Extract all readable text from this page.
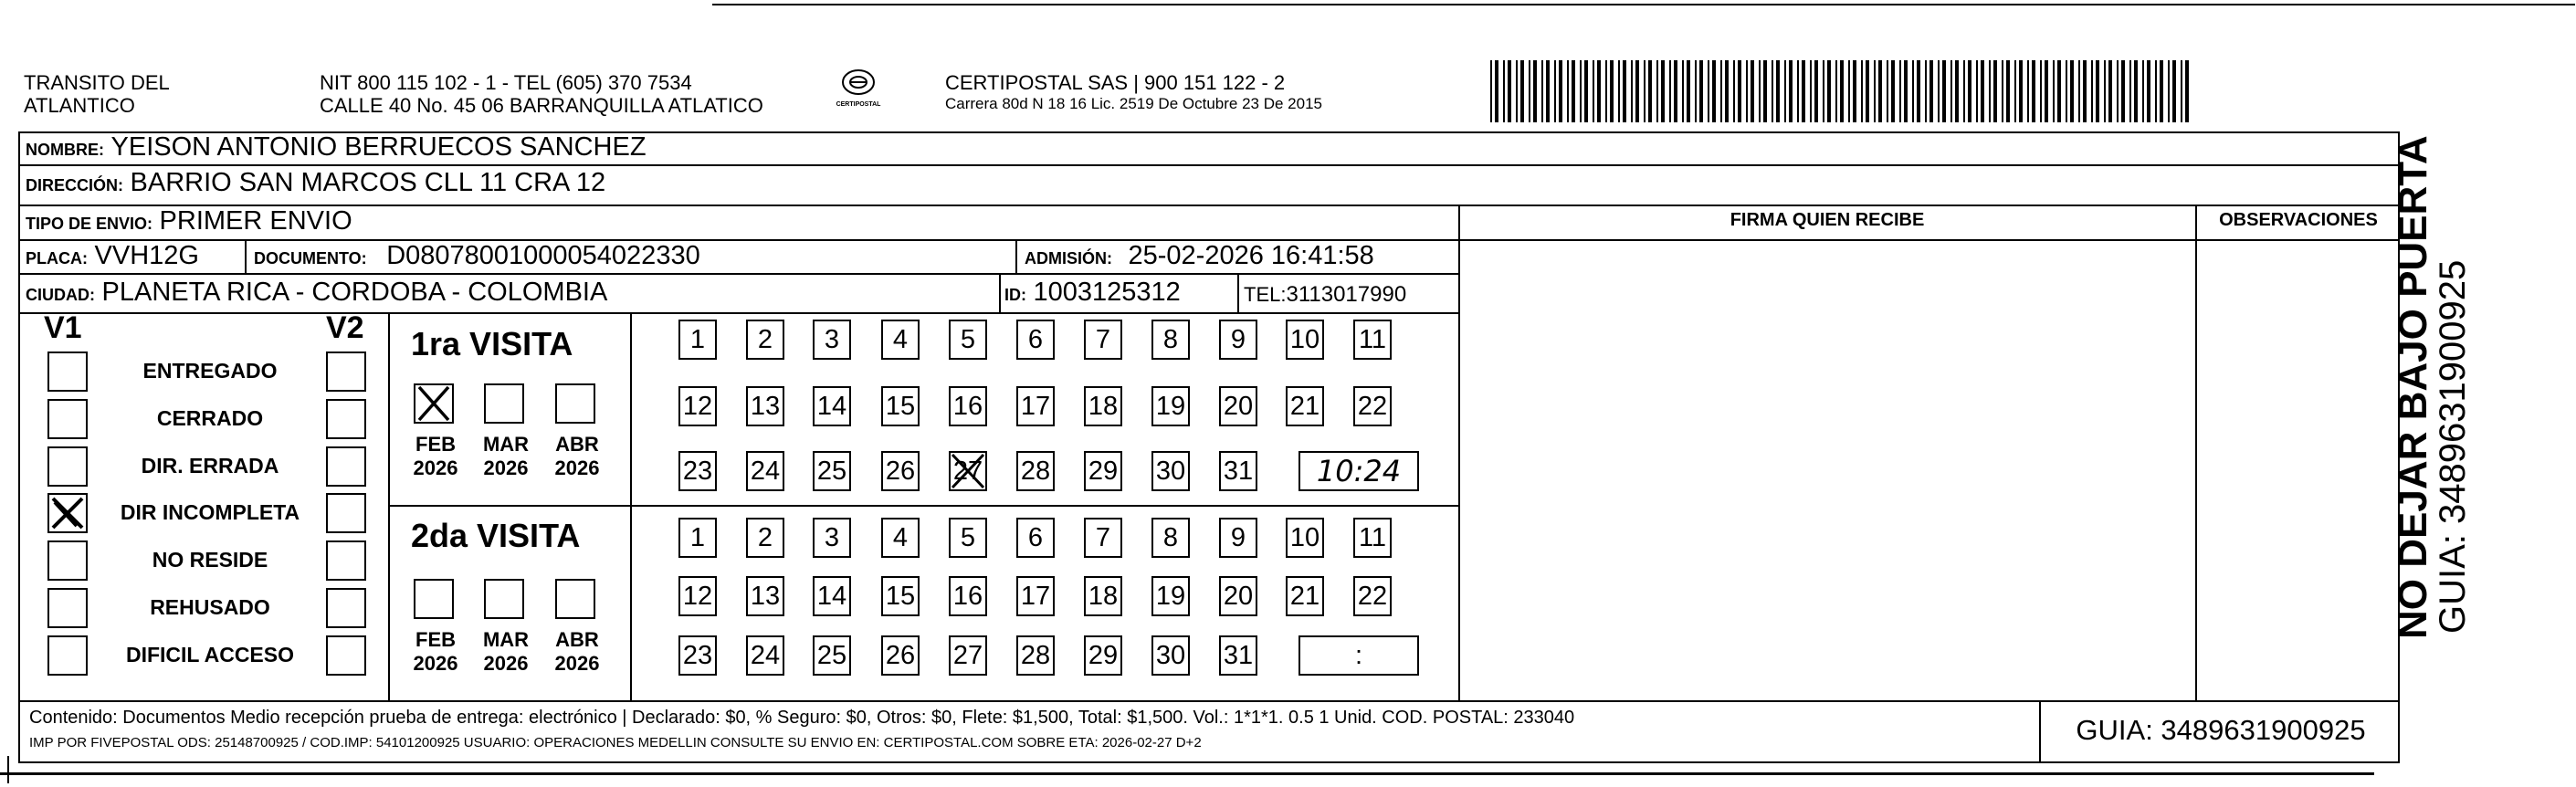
TRANSITO DEL
ATLANTICO
NIT 800 115 102 - 1 - TEL (605) 370 7534
CALLE 40 No. 45 06 BARRANQUILLA ATLATICO	CERTIPOSTAL
CERTIPOSTAL SAS | 900 151 122 - 2
Carrera 80d N 18 16 Lic. 2519 De Octubre 23 De 2015
NOMBRE: YEISON ANTONIO BERRUECOS SANCHEZ
DIRECCIÓN: BARRIO SAN MARCOS CLL 11 CRA 12
TIPO DE ENVIO: PRIMER ENVIO
PLACA: VVH12G	DOCUMENTO: D08078001000054022330	ADMISIÓN: 25-02-2026 16:41:58
CIUDAD: PLANETA RICA - CORDOBA - COLOMBIA	ID: 1003125312	TEL:3113017990
FIRMA QUIEN RECIBE	OBSERVACIONES
V1	V2
ENTREGADO
CERRADO
DIR. ERRADA
DIR INCOMPLETA
NO RESIDE
REHUSADO
DIFICIL ACCESO
1ra VISITA
2da VISITA
FEB
2026
MAR
2026
ABR
2026
1	2	3	4	5	6	7	8	9	10 11
12 13 14 15 16 17 18 19 20 21 22
23 24 25 26 27 28 29 30 31	10:24
FEB
2026
MAR
2026
ABR
2026
1	2	3	4	5	6	7	8	9	10 11
12 13 14 15 16 17 18 19 20 21 22
23 24 25 26 27 28 29 30 31	:
Contenido: Documentos Medio recepción prueba de entrega: electrónico | Declarado: $0, % Seguro: $0, Otros: $0, Flete: $1,500, Total: $1,500. Vol.: 1*1*1. 0.5 1 Unid. COD. POSTAL: 233040
IMP POR FIVEPOSTAL ODS: 25148700925 / COD.IMP: 54101200925 USUARIO: OPERACIONES MEDELLIN CONSULTE SU ENVIO EN: CERTIPOSTAL.COM SOBRE ETA: 2026-02-27 D+2	GUIA: 3489631900925
NO DEJAR BAJO PUERTA
GUIA: 3489631900925
